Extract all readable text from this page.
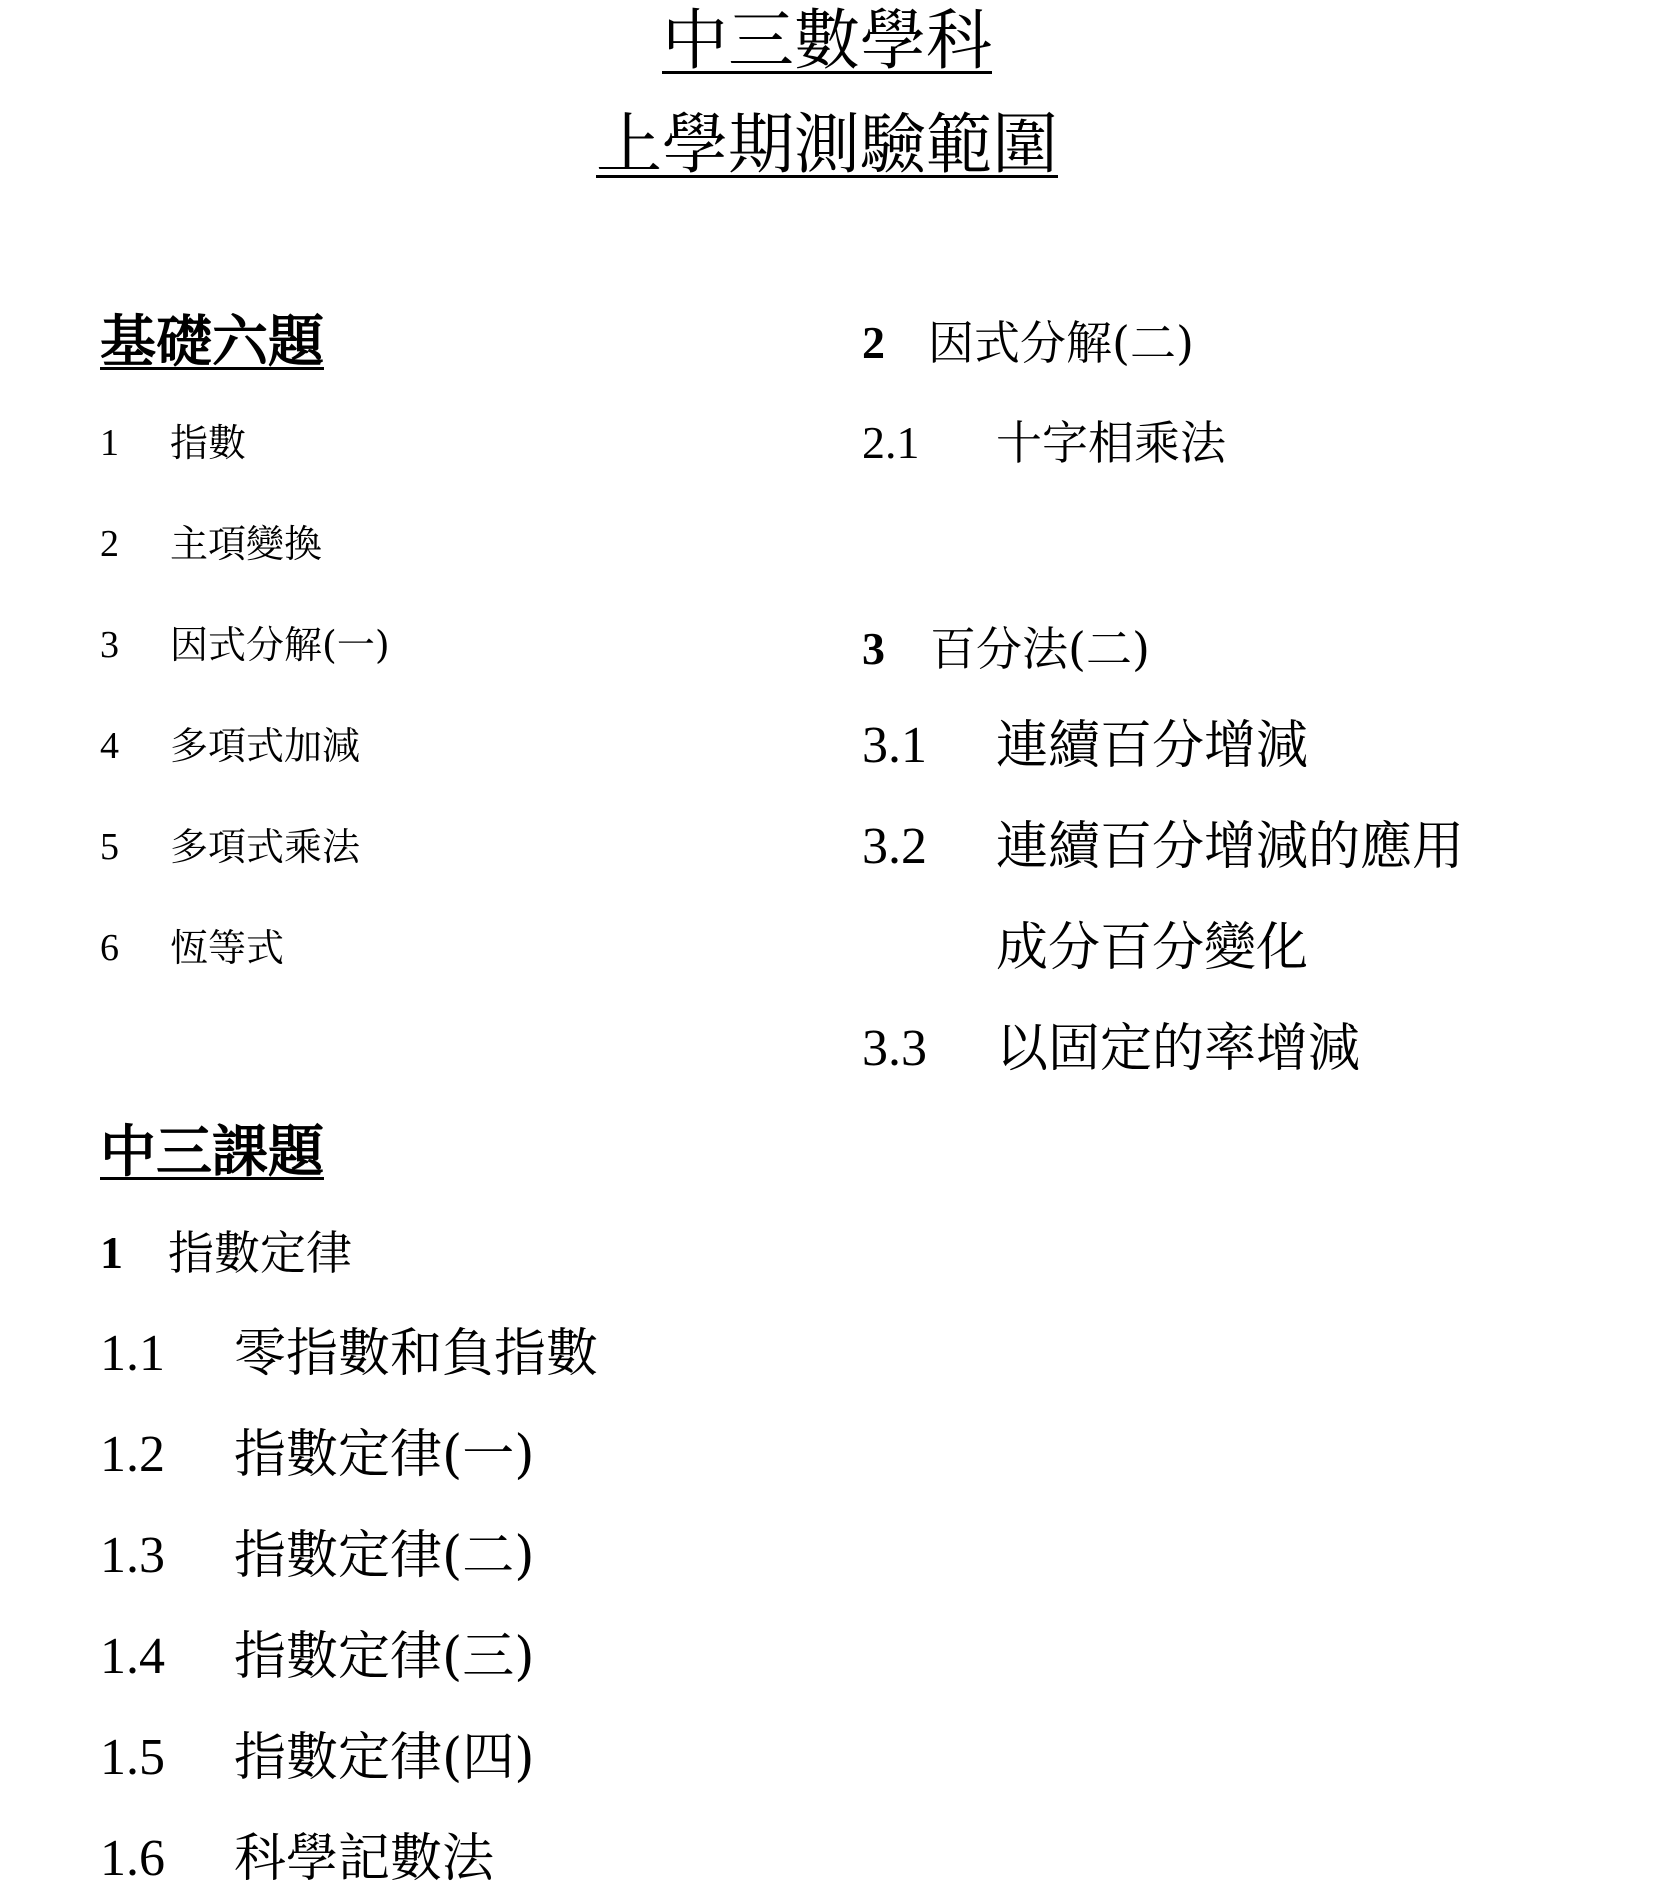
中三數學科
上學期測驗範圍
基礎六題
1 指數
2 主項變換
3 因式分解(一)
4 多項式加減
5 多項式乘法
6 恆等式
中三課題
1 指數定律
1.1 零指數和負指數
1.2 指數定律(一)
1.3 指數定律(二)
1.4 指數定律(三)
1.5 指數定律(四)
1.6 科學記數法
2 因式分解(二)
2.1 十字相乘法
3 百分法(二)
3.1 連續百分增減
3.2 連續百分增減的應用
成分百分變化
3.3 以固定的率增減
